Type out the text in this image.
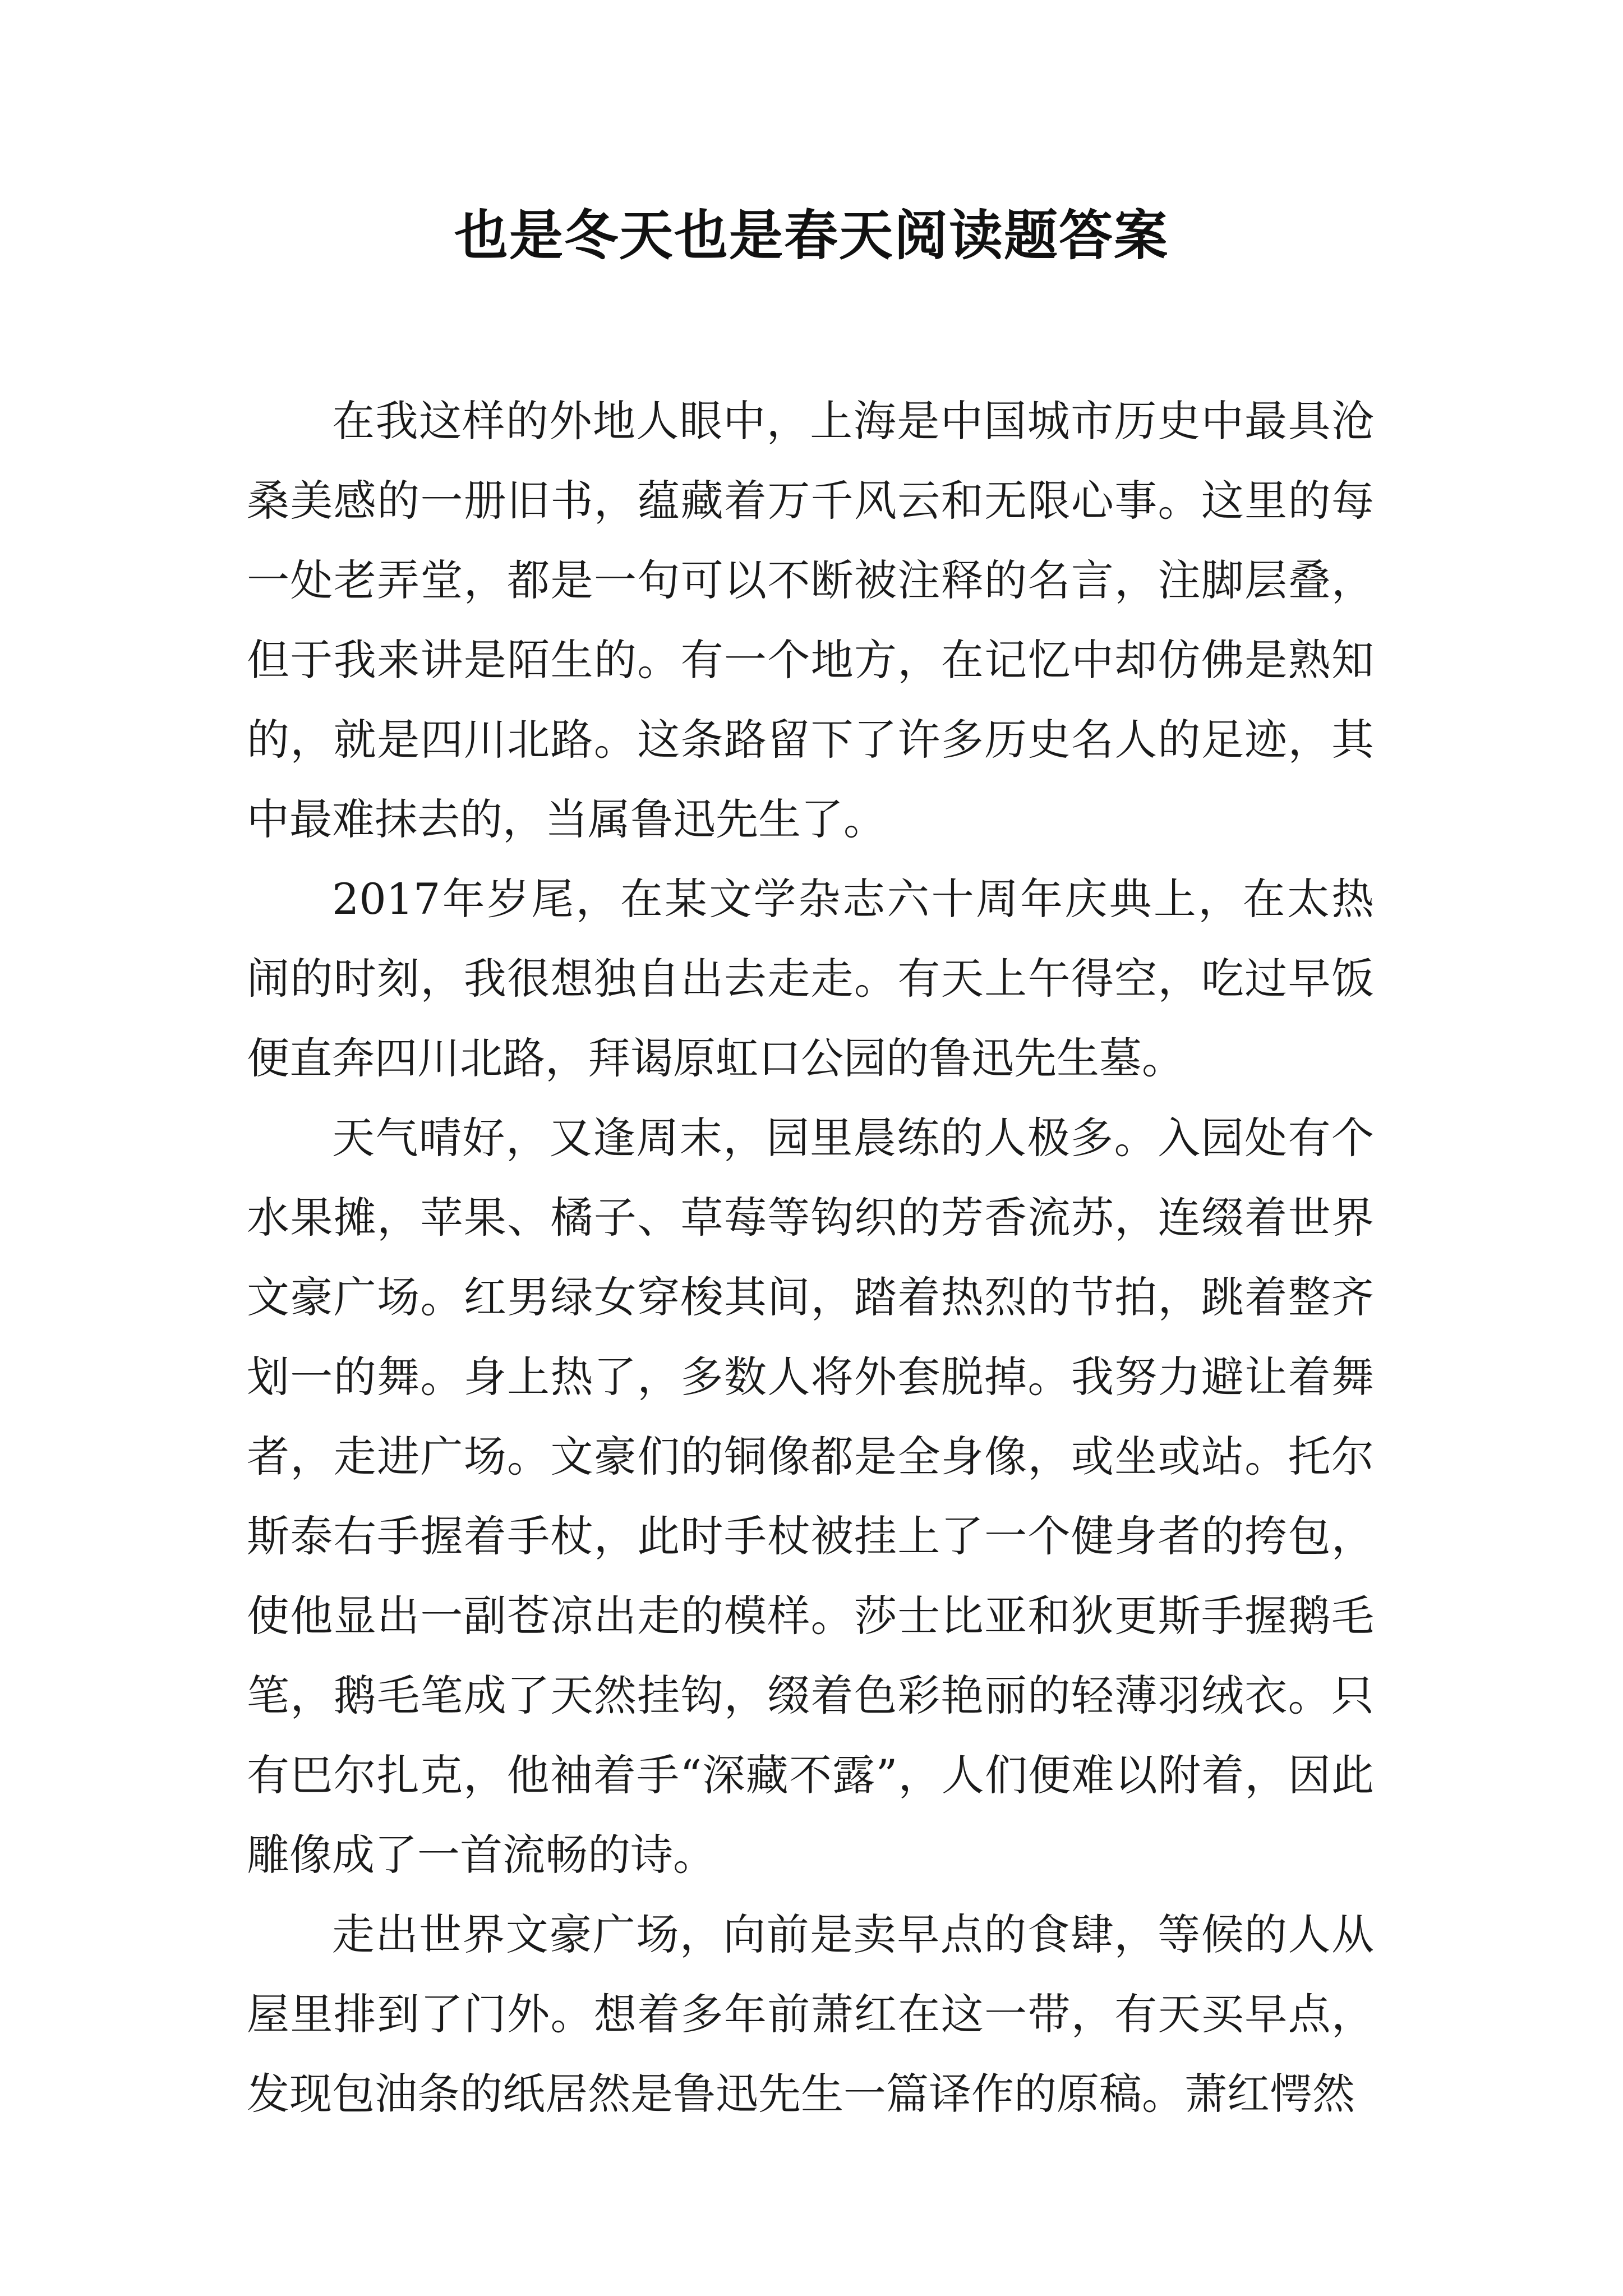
也是冬天也是春天阅读题答案

在我这样的外地人眼中，上海是中国城市历史中最具沧桑美感的一册旧书，蕴藏着万千风云和无限心事。这里的每一处老弄堂，都是一句可以不断被注释的名言，注脚层叠，但于我来讲是陌生的。有一个地方，在记忆中却仿佛是熟知的，就是四川北路。这条路留下了许多历史名人的足迹，其中最难抹去的，当属鲁迅先生了。

2017年岁尾，在某文学杂志六十周年庆典上，在太热闹的时刻，我很想独自出去走走。有天上午得空，吃过早饭便直奔四川北路，拜谒原虹口公园的鲁迅先生墓。

天气晴好，又逢周末，园里晨练的人极多。入园处有个水果摊，苹果、橘子、草莓等钩织的芳香流苏，连缀着世界文豪广场。红男绿女穿梭其间，踏着热烈的节拍，跳着整齐划一的舞。身上热了，多数人将外套脱掉。我努力避让着舞者，走进广场。文豪们的铜像都是全身像，或坐或站。托尔斯泰右手握着手杖，此时手杖被挂上了一个健身者的挎包，使他显出一副苍凉出走的模样。莎士比亚和狄更斯手握鹅毛笔，鹅毛笔成了天然挂钩，缀着色彩艳丽的轻薄羽绒衣。只有巴尔扎克，他袖着手“深藏不露”，人们便难以附着，因此雕像成了一首流畅的诗。

走出世界文豪广场，向前是卖早点的食肆，等候的人从屋里排到了门外。想着多年前萧红在这一带，有天买早点，发现包油条的纸居然是鲁迅先生一篇译作的原稿。萧红愕然
